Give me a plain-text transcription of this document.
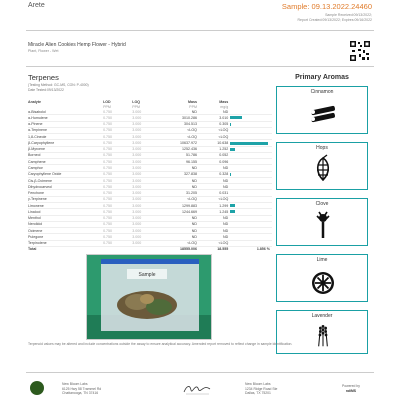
Arete	Sample: 09.13.2022.24460
Sample Received:09/13/2022;
Report Created:09/13/2022; Expires:09/16/2022
Miracle Alien Cookies Hemp Flower - Hybrid
Plant, Flower - Wet
Terpenes
(Testing Method: GC-MS, CON: P-4000)
Date Tested:09/13/2022
Analyte	LOD	LOQ	Mass	Mass	
	PPM	PPM	PPM	mg/g	
α-Bisabolol	0.750	3.000	ND	ND	
α-Humulene	0.750	3.000	3010.286	3.010	
α-Pinene	0.750	3.000	304.513	0.305	
α-Terpinene	0.750	3.000	<LOQ	<LOQ	
1,8-Cineole	0.750	3.000	<LOQ	<LOQ	
β-Caryophyllene	0.750	3.000	10637.972	10.638	
β-Myrcene	0.750	3.000	1252.436	1.252	
Borneol	0.750	3.000	51.786	0.052	
Camphene	0.750	3.000	96.155	0.096	
Camphor	0.750	3.000	ND	ND	
Caryophyllene Oxide	0.750	3.000	327.838	0.328	
Cis-β-Ocimene	0.750	3.000	ND	ND	
Dihydrocarveol	0.750	3.000	ND	ND	
Fenchone	0.750	3.000	31.205	0.031	
γ-Terpinene	0.750	3.000	<LOQ	<LOQ	
Limonene	0.750	3.000	1299.883	1.299	
Linalool	0.750	3.000	1244.669	1.245	
Menthol	0.750	3.000	ND	ND	
Nerolidol	0.750	3.000	ND	ND	
Ocimene	0.750	3.000	ND	ND	
Pulegone	0.750	3.000	ND	ND	
Terpinolene	0.750	3.000	<LOQ	<LOQ	
Total			18555.006	18.555	1.856 %
Primary Aromas
Cinnamon
Hops
Clove
Lime
Lavender
Sample
Terpenoid values may be altered and include concentrations outside the assay to ensure analytical accuracy. Amended report removed to reflect change in sample identification.
New Bloom Labs
6125 Hwy 58 Trammel Rd
Chattanooga, TN 37416
New Bloom Labs
1234 Ridge Road Ste
Dallas, TX 75201
Powered by
ndiMS
